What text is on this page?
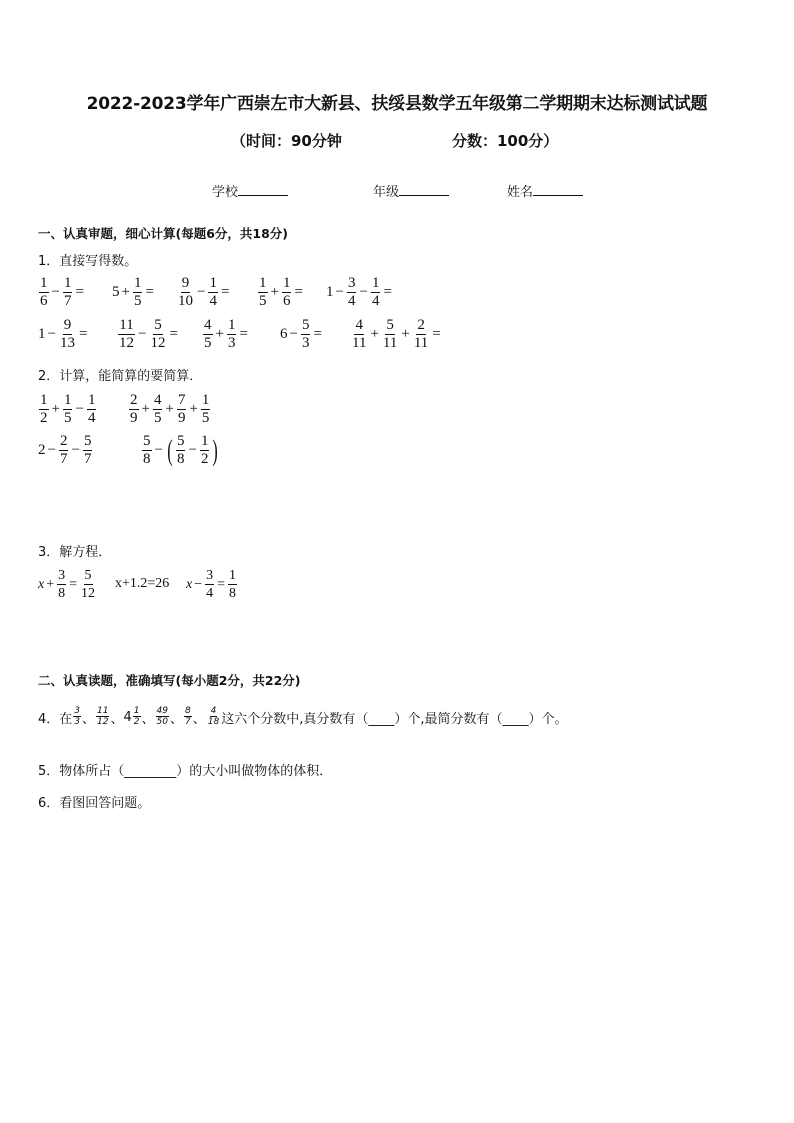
2022-2023学年广西崇左市大新县、扶绥县数学五年级第二学期期末达标测试试题
（时间：90分钟	分数：100分）
学校	年级	姓名
一、认真审题，细心计算(每题6分，共18分)
1．直接写得数。
$\frac{1}{6} - \frac{1}{7} = 5 + \frac{1}{5} = \frac{9}{10} - \frac{1}{4} = \frac{1}{5} + \frac{1}{6} = 1 - \frac{3}{4} - \frac{1}{4}$ =
$1 - \frac{9}{13} = \frac{11}{12} - \frac{5}{12} = \frac{4}{5} + \frac{1}{3} = 6 - \frac{5}{3} = \frac{4}{11} + \frac{5}{11} + \frac{2}{11}$ =
2．计算，能简算的要简算．
$\frac{1}{2} + \frac{1}{5} - \frac{1}{4} \frac{2}{9} + \frac{4}{5} + \frac{7}{9} + \frac{1}{5}$
$2 - \frac{2}{7} - \frac{5}{7}$	$\frac{5}{8}$ − ( $\frac{5}{8} - \frac{1}{2}$ )
3．解方程．
$x + \frac{3}{8} = \frac{5}{12} x+1.2=26$ $x - \frac{3}{4} = \frac{1}{8}$
二、认真读题，准确填写(每小题2分，共22分)
4．在 $\frac{3}{3}$ 、 $\frac{11}{12}$ 、 $4 \frac{1}{2}$ 、 $\frac{49}{50}$ 、 $\frac{8}{7}$ 、 $\frac{4}{18}$ 这六个分数中,真分数有（____）个,最简分数有（____）个。
5．物体所占（________）的大小叫做物体的体积．
6．看图回答问题。
